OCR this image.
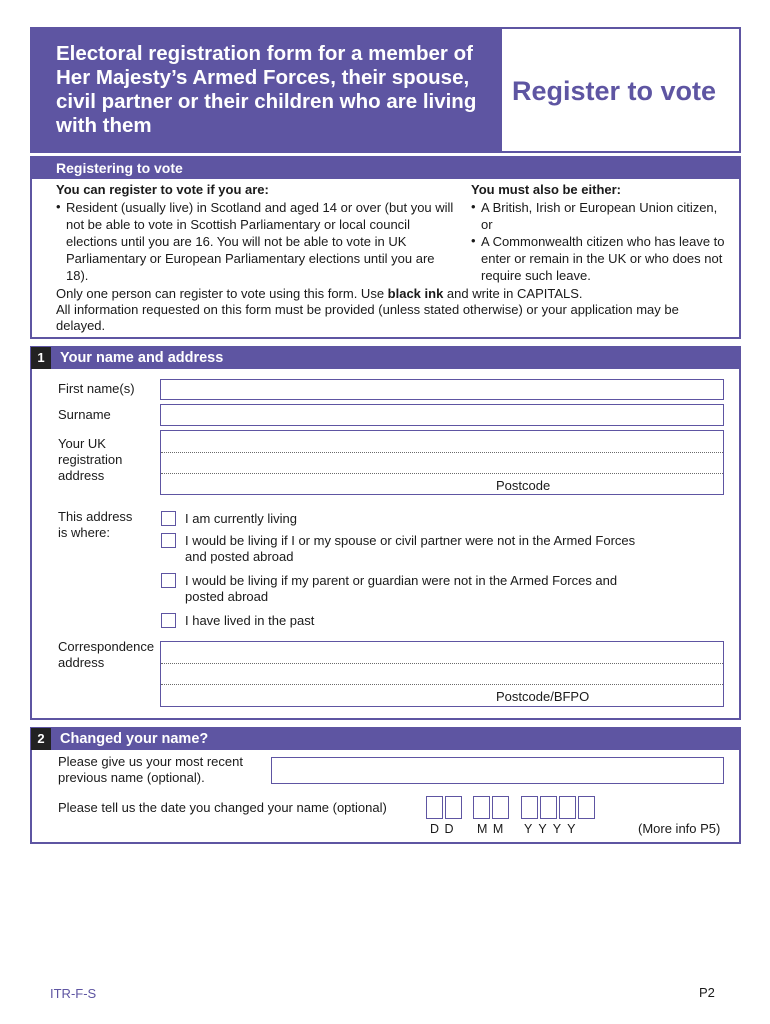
Electoral registration form for a member of Her Majesty’s Armed Forces, their spouse, civil partner or their children who are living with them
Register to vote
Registering to vote
You can register to vote if you are:
• Resident (usually live) in Scotland and aged 14 or over (but you will not be able to vote in Scottish Parliamentary or local council elections until you are 16. You will not be able to vote in UK Parliamentary or European Parliamentary elections until you are 18).
You must also be either:
• A British, Irish or European Union citizen, or
• A Commonwealth citizen who has leave to enter or remain in the UK or who does not require such leave.
Only one person can register to vote using this form. Use black ink and write in CAPITALS.
All information requested on this form must be provided (unless stated otherwise) or your application may be delayed.
1	Your name and address
First name(s)
Surname
Your UK
registration
address
Postcode
This address
is where:
I am currently living
I would be living if I or my spouse or civil partner were not in the Armed Forces
and posted abroad
I would be living if my parent or guardian were not in the Armed Forces and
posted abroad
I have lived in the past
Correspondence
address
Postcode/BFPO
2	Changed your name?
Please give us your most recent
previous name (optional).
Please tell us the date you changed your name (optional)
D D M M Y Y Y Y	(More info P5)
ITR-F-S	P2
